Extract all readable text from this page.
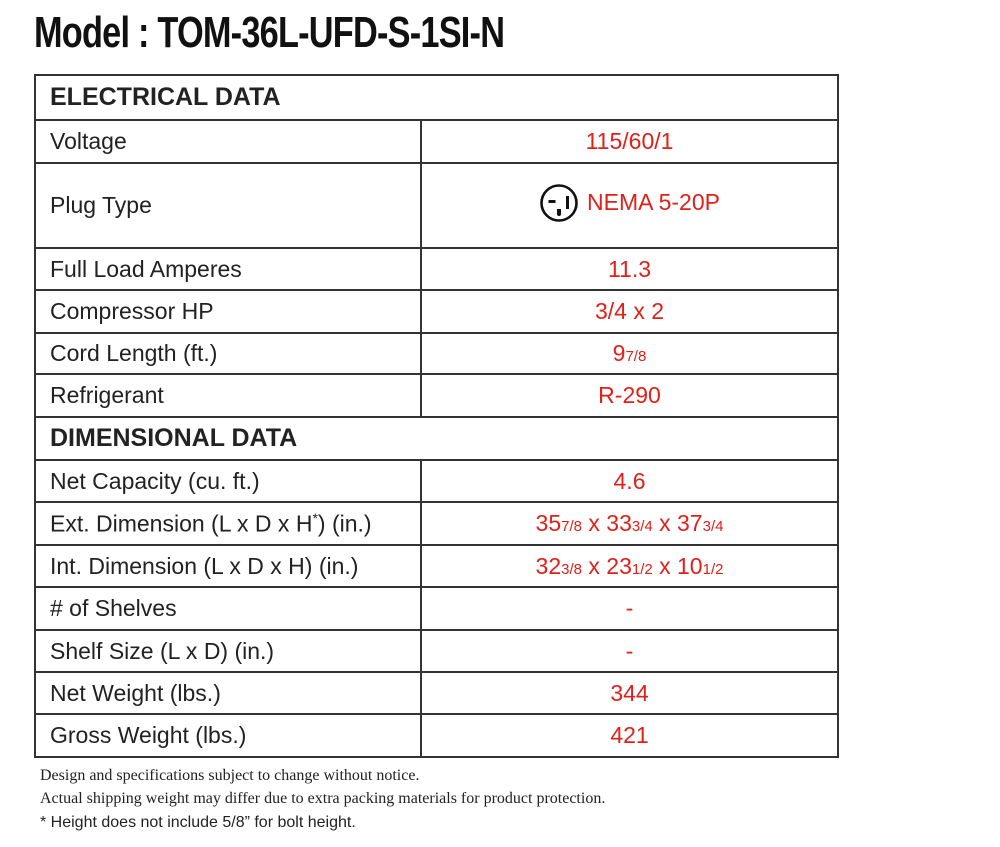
Model : TOM-36L-UFD-S-1SI-N
ELECTRICAL DATA	
Voltage	115/60/1
Plug Type	NEMA 5-20P

Full Load Amperes	11.3
Compressor HP	3/4 x 2
Cord Length (ft.)	97/8
Refrigerant	R-290
DIMENSIONAL DATA	
Net Capacity (cu. ft.)	4.6
Ext. Dimension (L x D x H*) (in.)	357/8 x 333/4 x 373/4
Int. Dimension (L x D x H) (in.)	323/8 x 231/2 x 101/2
# of Shelves	-
Shelf Size (L x D) (in.)	-
Net Weight (lbs.)	344
Gross Weight (lbs.)	421
Design and specifications subject to change without notice.
Actual shipping weight may differ due to extra packing materials for product protection.
* Height does not include 5/8” for bolt height.
